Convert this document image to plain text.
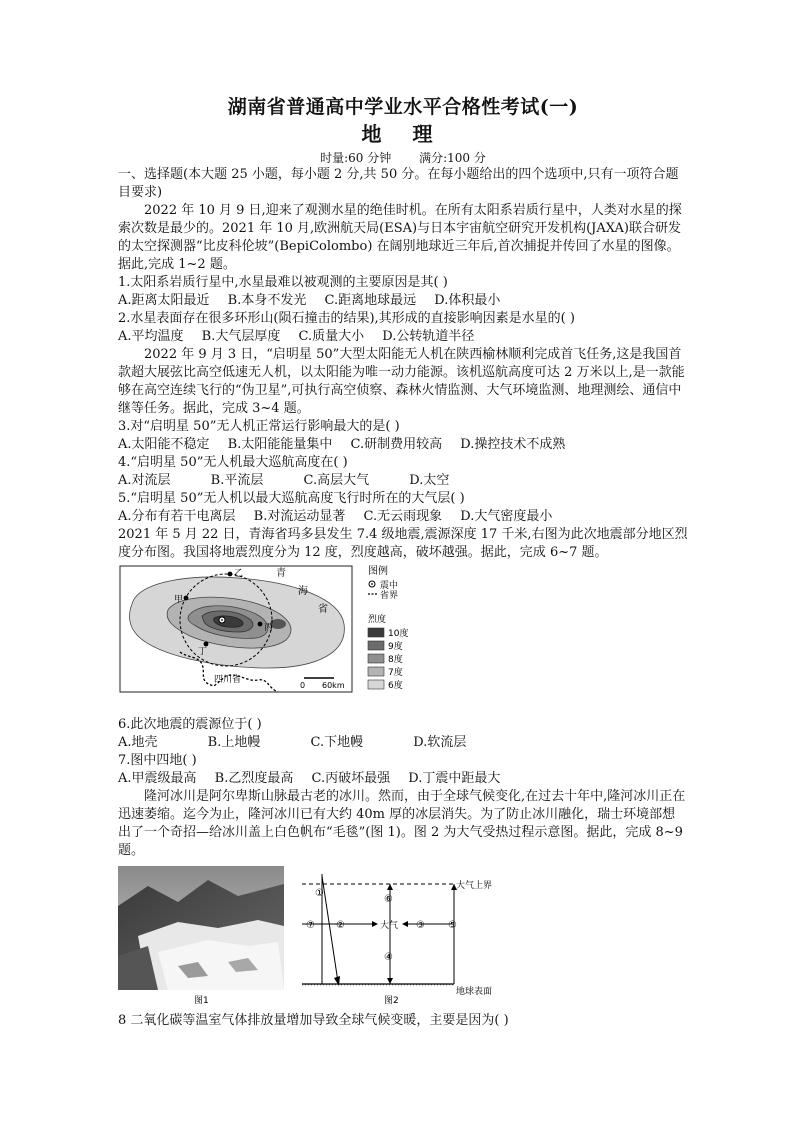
湖南省普通高中学业水平合格性考试(一)
地 理
时量:60 分钟 满分:100 分

一、选择题(本大题 25 小题，每小题 2 分,共 50 分。在每小题给出的四个选项中,只有一项符合题目要求)

2022 年 10 月 9 日,迎来了观测水星的绝佳时机。在所有太阳系岩质行星中，人类对水星的探索次数是最少的。2021 年 10 月,欧洲航天局(ESA)与日本宇宙航空研究开发机构(JAXA)联合研发的太空探测器“比皮科伦坡”(BepiColombo) 在阔别地球近三年后,首次捕捉并传回了水星的图像。据此,完成 1~2 题。

1.太阳系岩质行星中,水星最难以被观测的主要原因是其( )

A.距离太阳最近 B.本身不发光 C.距离地球最远 D.体积最小

2.水星表面存在很多环形山(陨石撞击的结果),其形成的直接影响因素是水星的( )

A.平均温度 B.大气层厚度 C.质量大小 D.公转轨道半径

2022 年 9 月 3 日，“启明星 50”大型太阳能无人机在陕西榆林顺利完成首飞任务,这是我国首款超大展弦比高空低速无人机，以太阳能为唯一动力能源。该机巡航高度可达 2 万米以上,是一款能够在高空连续飞行的“伪卫星”,可执行高空侦察、森林火情监测、大气环境监测、地理测绘、通信中继等任务。据此，完成 3~4 题。

3.对“启明星 50”无人机正常运行影响最大的是( )

A.太阳能不稳定 B.太阳能能量集中 C.研制费用较高 D.操控技术不成熟

4.“启明星 50”无人机最大巡航高度在( )

A.对流层	B.平流层	C.高层大气	D.太空

5.“启明星 50”无人机以最大巡航高度飞行时所在的大气层( )

A.分布有若干电离层 B.对流运动显著 C.无云雨现象 D.大气密度最小

2021 年 5 月 22 日，青海省玛多县发生 7.4 级地震,震源深度 17 千米,右图为此次地震部分地区烈度分布图。我国将地震烈度分为 12 度，烈度越高，破坏越强。据此，完成 6~7 题。

甲
乙
丙
丁
青
海
省
四川省
0 60km
图例
震中
省界
烈度
10度
9度
8度
7度
6度

6.此次地震的震源位于( )

A.地壳	B.上地幔	C.下地幔	D.软流层

7.图中四地( )

A.甲震级最高 B.乙烈度最高 C.丙破坏最强 D.丁震中距最大

隆河冰川是阿尔卑斯山脉最古老的冰川。然而，由于全球气候变化,在过去十年中,隆河冰川正在迅速萎缩。迄今为止，隆河冰川已有大约 40m 厚的冰层消失。为了防止冰川融化，瑞士环境部想出了一个奇招—给冰川盖上白色帆布“毛毯”(图 1)。图 2 为大气受热过程示意图。据此，完成 8~9 题。

图1
大气上界
地球表面
大气
①
②	③
④
⑤
⑥
⑦
图2

8 二氧化碳等温室气体排放量增加导致全球气候变暖，主要是因为( )
